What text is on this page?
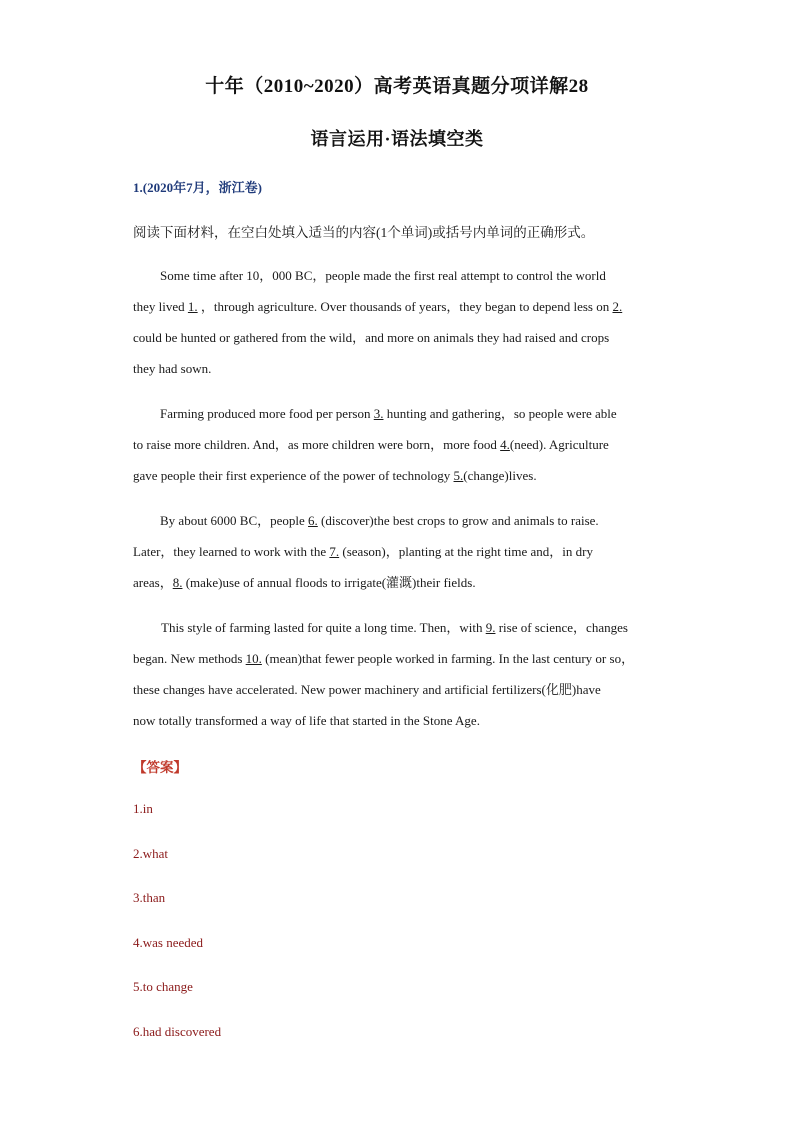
十年（2010~2020）高考英语真题分项详解28
语言运用·语法填空类
1.(2020年7月，浙江卷)
阅读下面材料，在空白处填入适当的内容(1个单词)或括号内单词的正确形式。
Some time after 10，000 BC，people made the first real attempt to control the world
they lived 1. ，through agriculture. Over thousands of years，they began to depend less on 2.
could be hunted or gathered from the wild，and more on animals they had raised and crops
they had sown.
Farming produced more food per person 3. hunting and gathering，so people were able
to raise more children. And，as more children were born，more food 4.(need). Agriculture
gave people their first experience of the power of technology 5.(change)lives.
By about 6000 BC，people 6. (discover)the best crops to grow and animals to raise.
Later，they learned to work with the 7. (season)，planting at the right time and，in dry
areas，8. (make)use of annual floods to irrigate(灌溉)their fields.
This style of farming lasted for quite a long time. Then，with 9. rise of science，changes
began. New methods 10. (mean)that fewer people worked in farming. In the last century or so，
these changes have accelerated. New power machinery and artificial fertilizers(化肥)have
now totally transformed a way of life that started in the Stone Age.
【答案】
1.in
2.what
3.than
4.was needed
5.to change
6.had discovered
